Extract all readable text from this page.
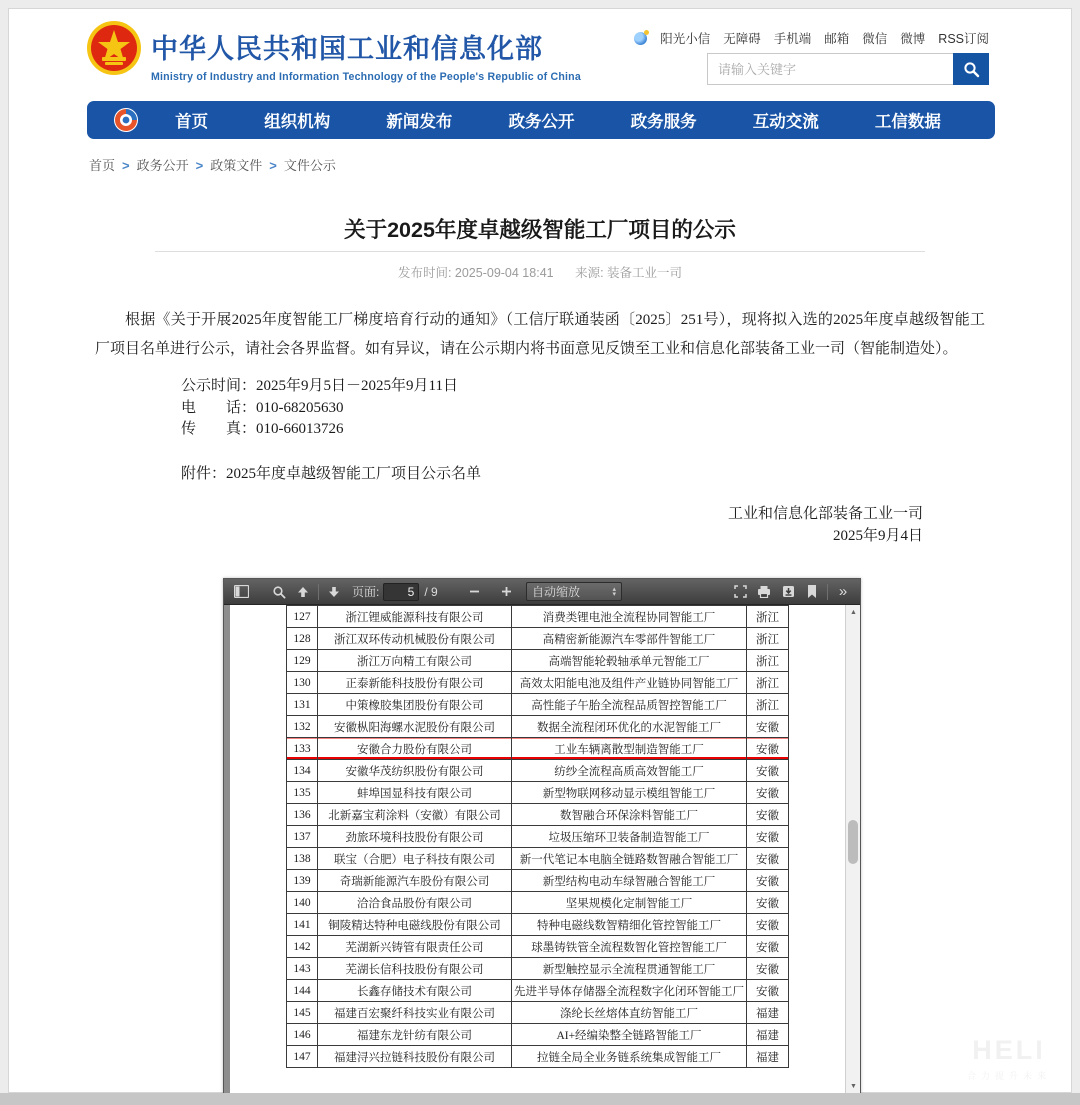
中华人民共和国工业和信息化部
Ministry of Industry and Information Technology of the People's Republic of China
阳光小信 无障碍 手机端 邮箱 微信 微博 RSS订阅
请输入关键字
首页	组织机构	新闻发布	政务公开	政务服务	互动交流	工信数据
首页 >	政务公开 >	政策文件 >	文件公示
关于2025年度卓越级智能工厂项目的公示
发布时间: 2025-09-04 18:41 来源: 装备工业一司
根据《关于开展2025年度智能工厂梯度培育行动的通知》（工信厅联通装函〔2025〕251号），现将拟入选的2025年度卓越级智能工厂项目名单进行公示，请社会各界监督。如有异议，请在公示期内将书面意见反馈至工业和信息化部装备工业一司（智能制造处）。
公示时间：2025年9月5日－2025年9月11日
电　　话：010-68205630
传　　真：010-66013726
附件：2025年度卓越级智能工厂项目公示名单
工业和信息化部装备工业一司
2025年9月4日
页面:
5	/ 9	自动缩放	▴
▾	»
127	浙江锂威能源科技有限公司	消费类锂电池全流程协同智能工厂	浙江
128	浙江双环传动机械股份有限公司	高精密新能源汽车零部件智能工厂	浙江
129	浙江万向精工有限公司	高端智能轮毂轴承单元智能工厂	浙江
130	正泰新能科技股份有限公司	高效太阳能电池及组件产业链协同智能工厂	浙江
131	中策橡胶集团股份有限公司	高性能子午胎全流程品质智控智能工厂	浙江
132	安徽枞阳海螺水泥股份有限公司	数据全流程闭环优化的水泥智能工厂	安徽
133	安徽合力股份有限公司	工业车辆离散型制造智能工厂	安徽
134	安徽华茂纺织股份有限公司	纺纱全流程高质高效智能工厂	安徽
135	蚌埠国显科技有限公司	新型物联网移动显示模组智能工厂	安徽
136	北新嘉宝莉涂料（安徽）有限公司	数智融合环保涂料智能工厂	安徽
137	劲旅环境科技股份有限公司	垃圾压缩环卫装备制造智能工厂	安徽
138	联宝（合肥）电子科技有限公司	新一代笔记本电脑全链路数智融合智能工厂	安徽
139	奇瑞新能源汽车股份有限公司	新型结构电动车绿智融合智能工厂	安徽
140	洽洽食品股份有限公司	坚果规模化定制智能工厂	安徽
141	铜陵精达特种电磁线股份有限公司	特种电磁线数智精细化管控智能工厂	安徽
142	芜湖新兴铸管有限责任公司	球墨铸铁管全流程数智化管控智能工厂	安徽
143	芜湖长信科技股份有限公司	新型触控显示全流程贯通智能工厂	安徽
144	长鑫存储技术有限公司	先进半导体存储器全流程数字化闭环智能工厂	安徽
145	福建百宏聚纤科技实业有限公司	涤纶长丝熔体直纺智能工厂	福建
146	福建东龙针纺有限公司	AI+经编染整全链路智能工厂	福建
147	福建浔兴拉链科技股份有限公司	拉链全局全业务链系统集成智能工厂	福建
▲
▼
HELI
合力提升未来
